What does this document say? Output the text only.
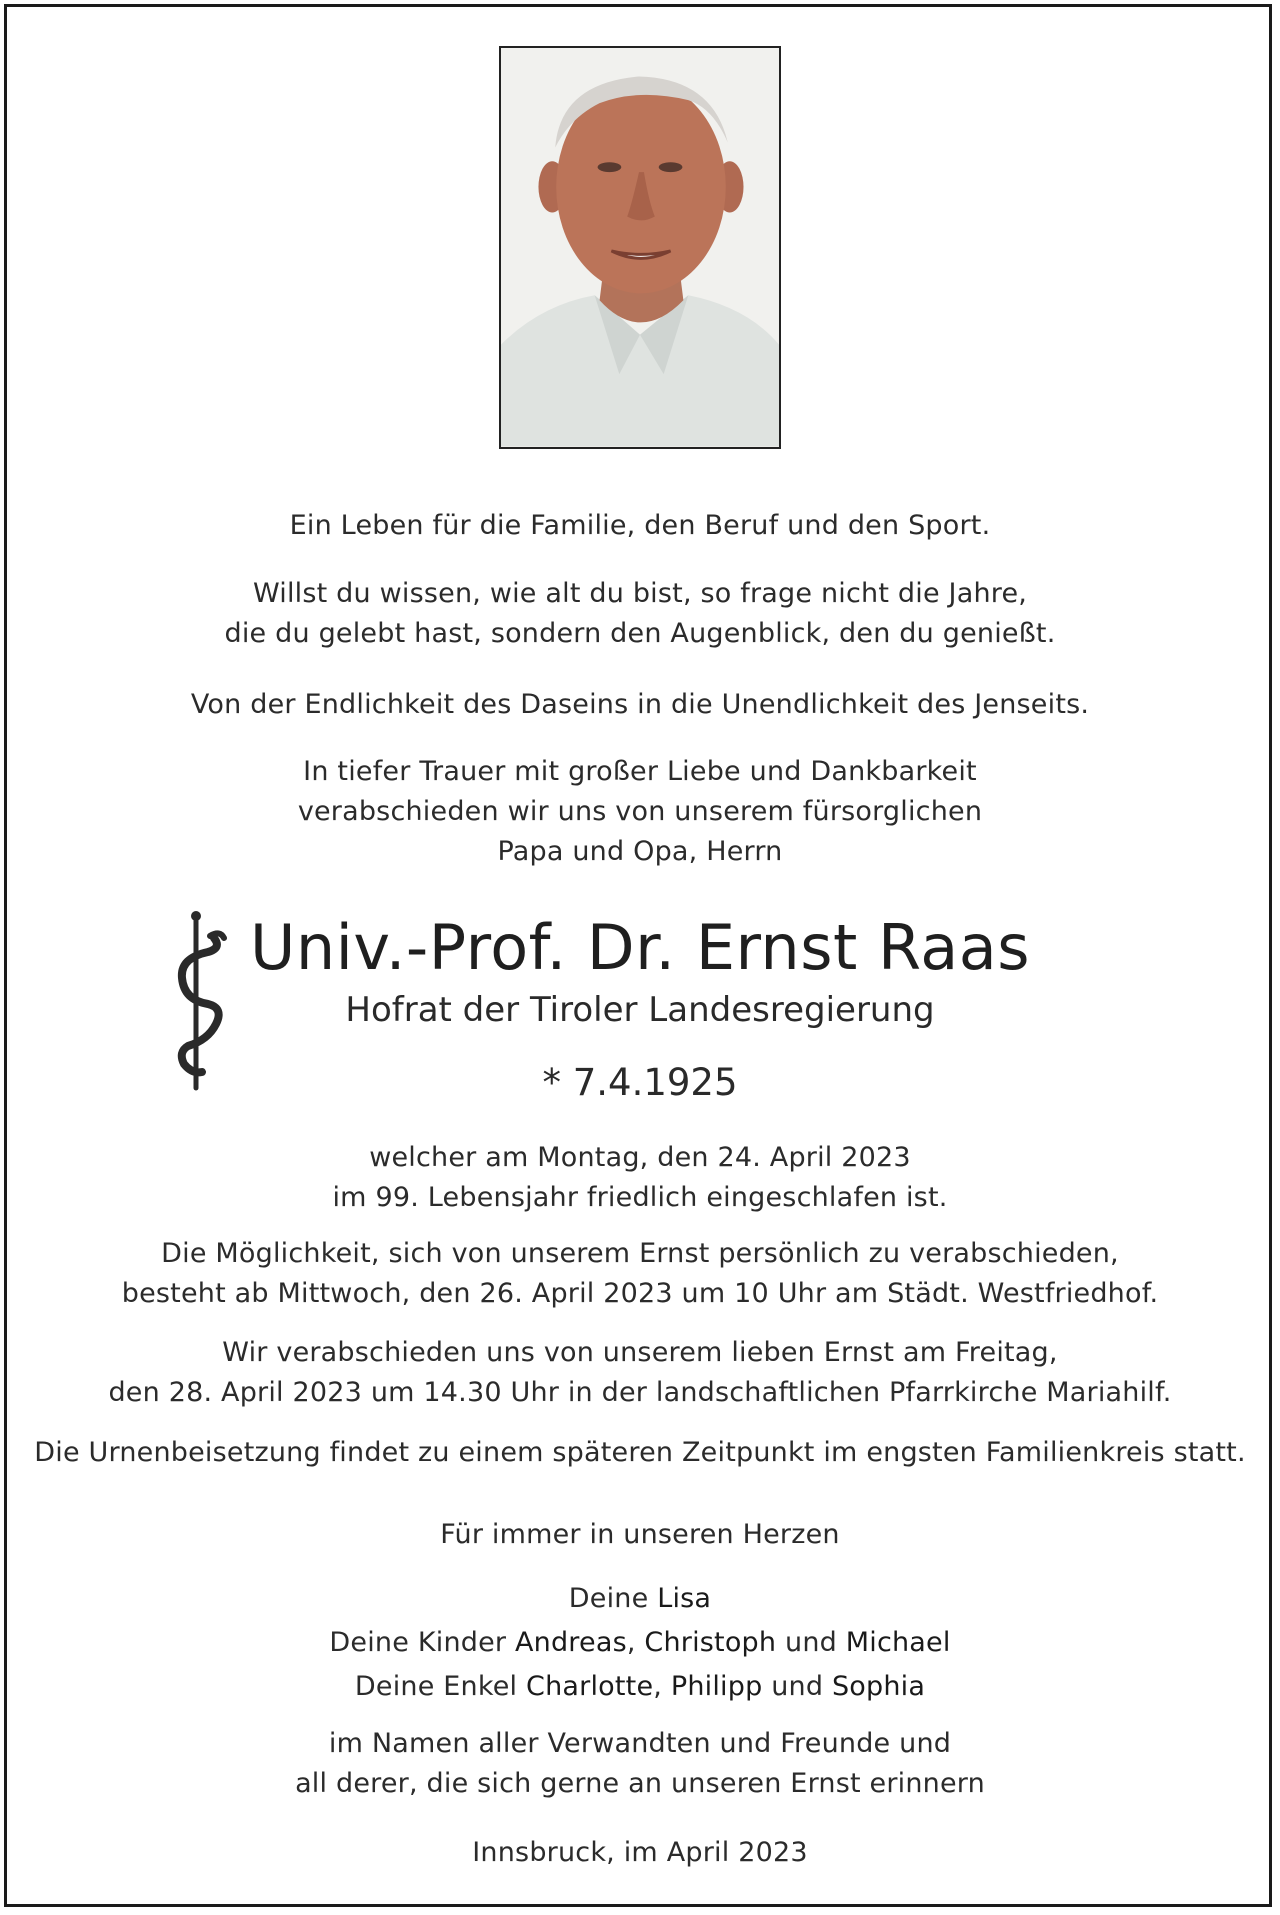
Ein Leben für die Familie, den Beruf und den Sport.

Willst du wissen, wie alt du bist, so frage nicht die Jahre,

die du gelebt hast, sondern den Augenblick, den du genießt.

Von der Endlichkeit des Daseins in die Unendlichkeit des Jenseits.

In tiefer Trauer mit großer Liebe und Dankbarkeit

verabschieden wir uns von unserem fürsorglichen

Papa und Opa, Herrn

Univ.-Prof. Dr. Ernst Raas
Hofrat der Tiroler Landesregierung
* 7.4.1925

welcher am Montag, den 24. April 2023

im 99. Lebensjahr friedlich eingeschlafen ist.

Die Möglichkeit, sich von unserem Ernst persönlich zu verabschieden,

besteht ab Mittwoch, den 26. April 2023 um 10 Uhr am Städt. Westfriedhof.

Wir verabschieden uns von unserem lieben Ernst am Freitag,

den 28. April 2023 um 14.30 Uhr in der landschaftlichen Pfarrkirche Mariahilf.

Die Urnenbeisetzung findet zu einem späteren Zeitpunkt im engsten Familienkreis statt.

Für immer in unseren Herzen

Deine Lisa

Deine Kinder Andreas, Christoph und Michael

Deine Enkel Charlotte, Philipp und Sophia

im Namen aller Verwandten und Freunde und

all derer, die sich gerne an unseren Ernst erinnern

Innsbruck, im April 2023
